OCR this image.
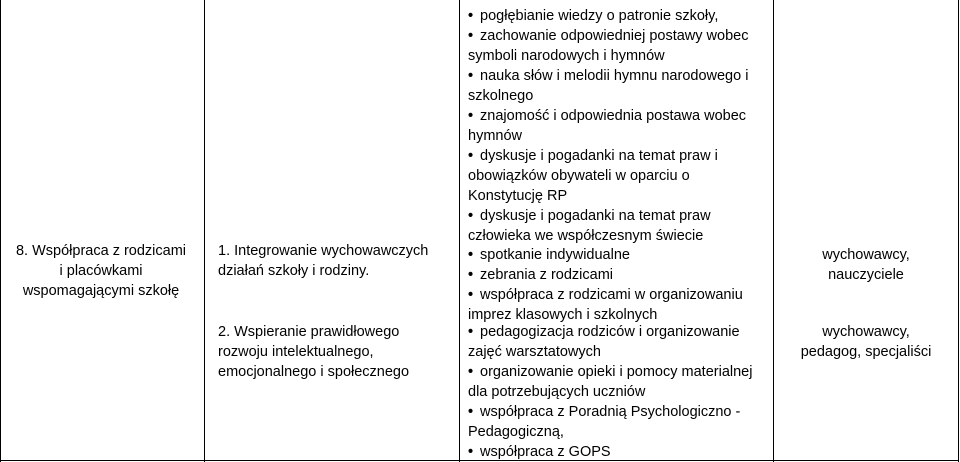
8. Współpraca z rodzicami
i placówkami
wspomagającymi szkołę
1. Integrowanie wychowawczych
działań szkoły i rodziny.
2. Wspieranie prawidłowego
rozwoju intelektualnego,
emocjonalnego i społecznego
• pogłębianie wiedzy o patronie szkoły,
• zachowanie odpowiedniej postawy wobec
symboli narodowych i hymnów
• nauka słów i melodii hymnu narodowego i
szkolnego
• znajomość i odpowiednia postawa wobec
hymnów
• dyskusje i pogadanki na temat praw i
obowiązków obywateli w oparciu o
Konstytucję RP
• dyskusje i pogadanki na temat praw
człowieka we współczesnym świecie
• spotkanie indywidualne
• zebrania z rodzicami
• współpraca z rodzicami w organizowaniu
imprez klasowych i szkolnych
• pedagogizacja rodziców i organizowanie
zajęć warsztatowych
• organizowanie opieki i pomocy materialnej
dla potrzebujących uczniów
• współpraca z Poradnią Psychologiczno -
Pedagogiczną,
• współpraca z GOPS
wychowawcy,
nauczyciele
wychowawcy,
pedagog, specjaliści
